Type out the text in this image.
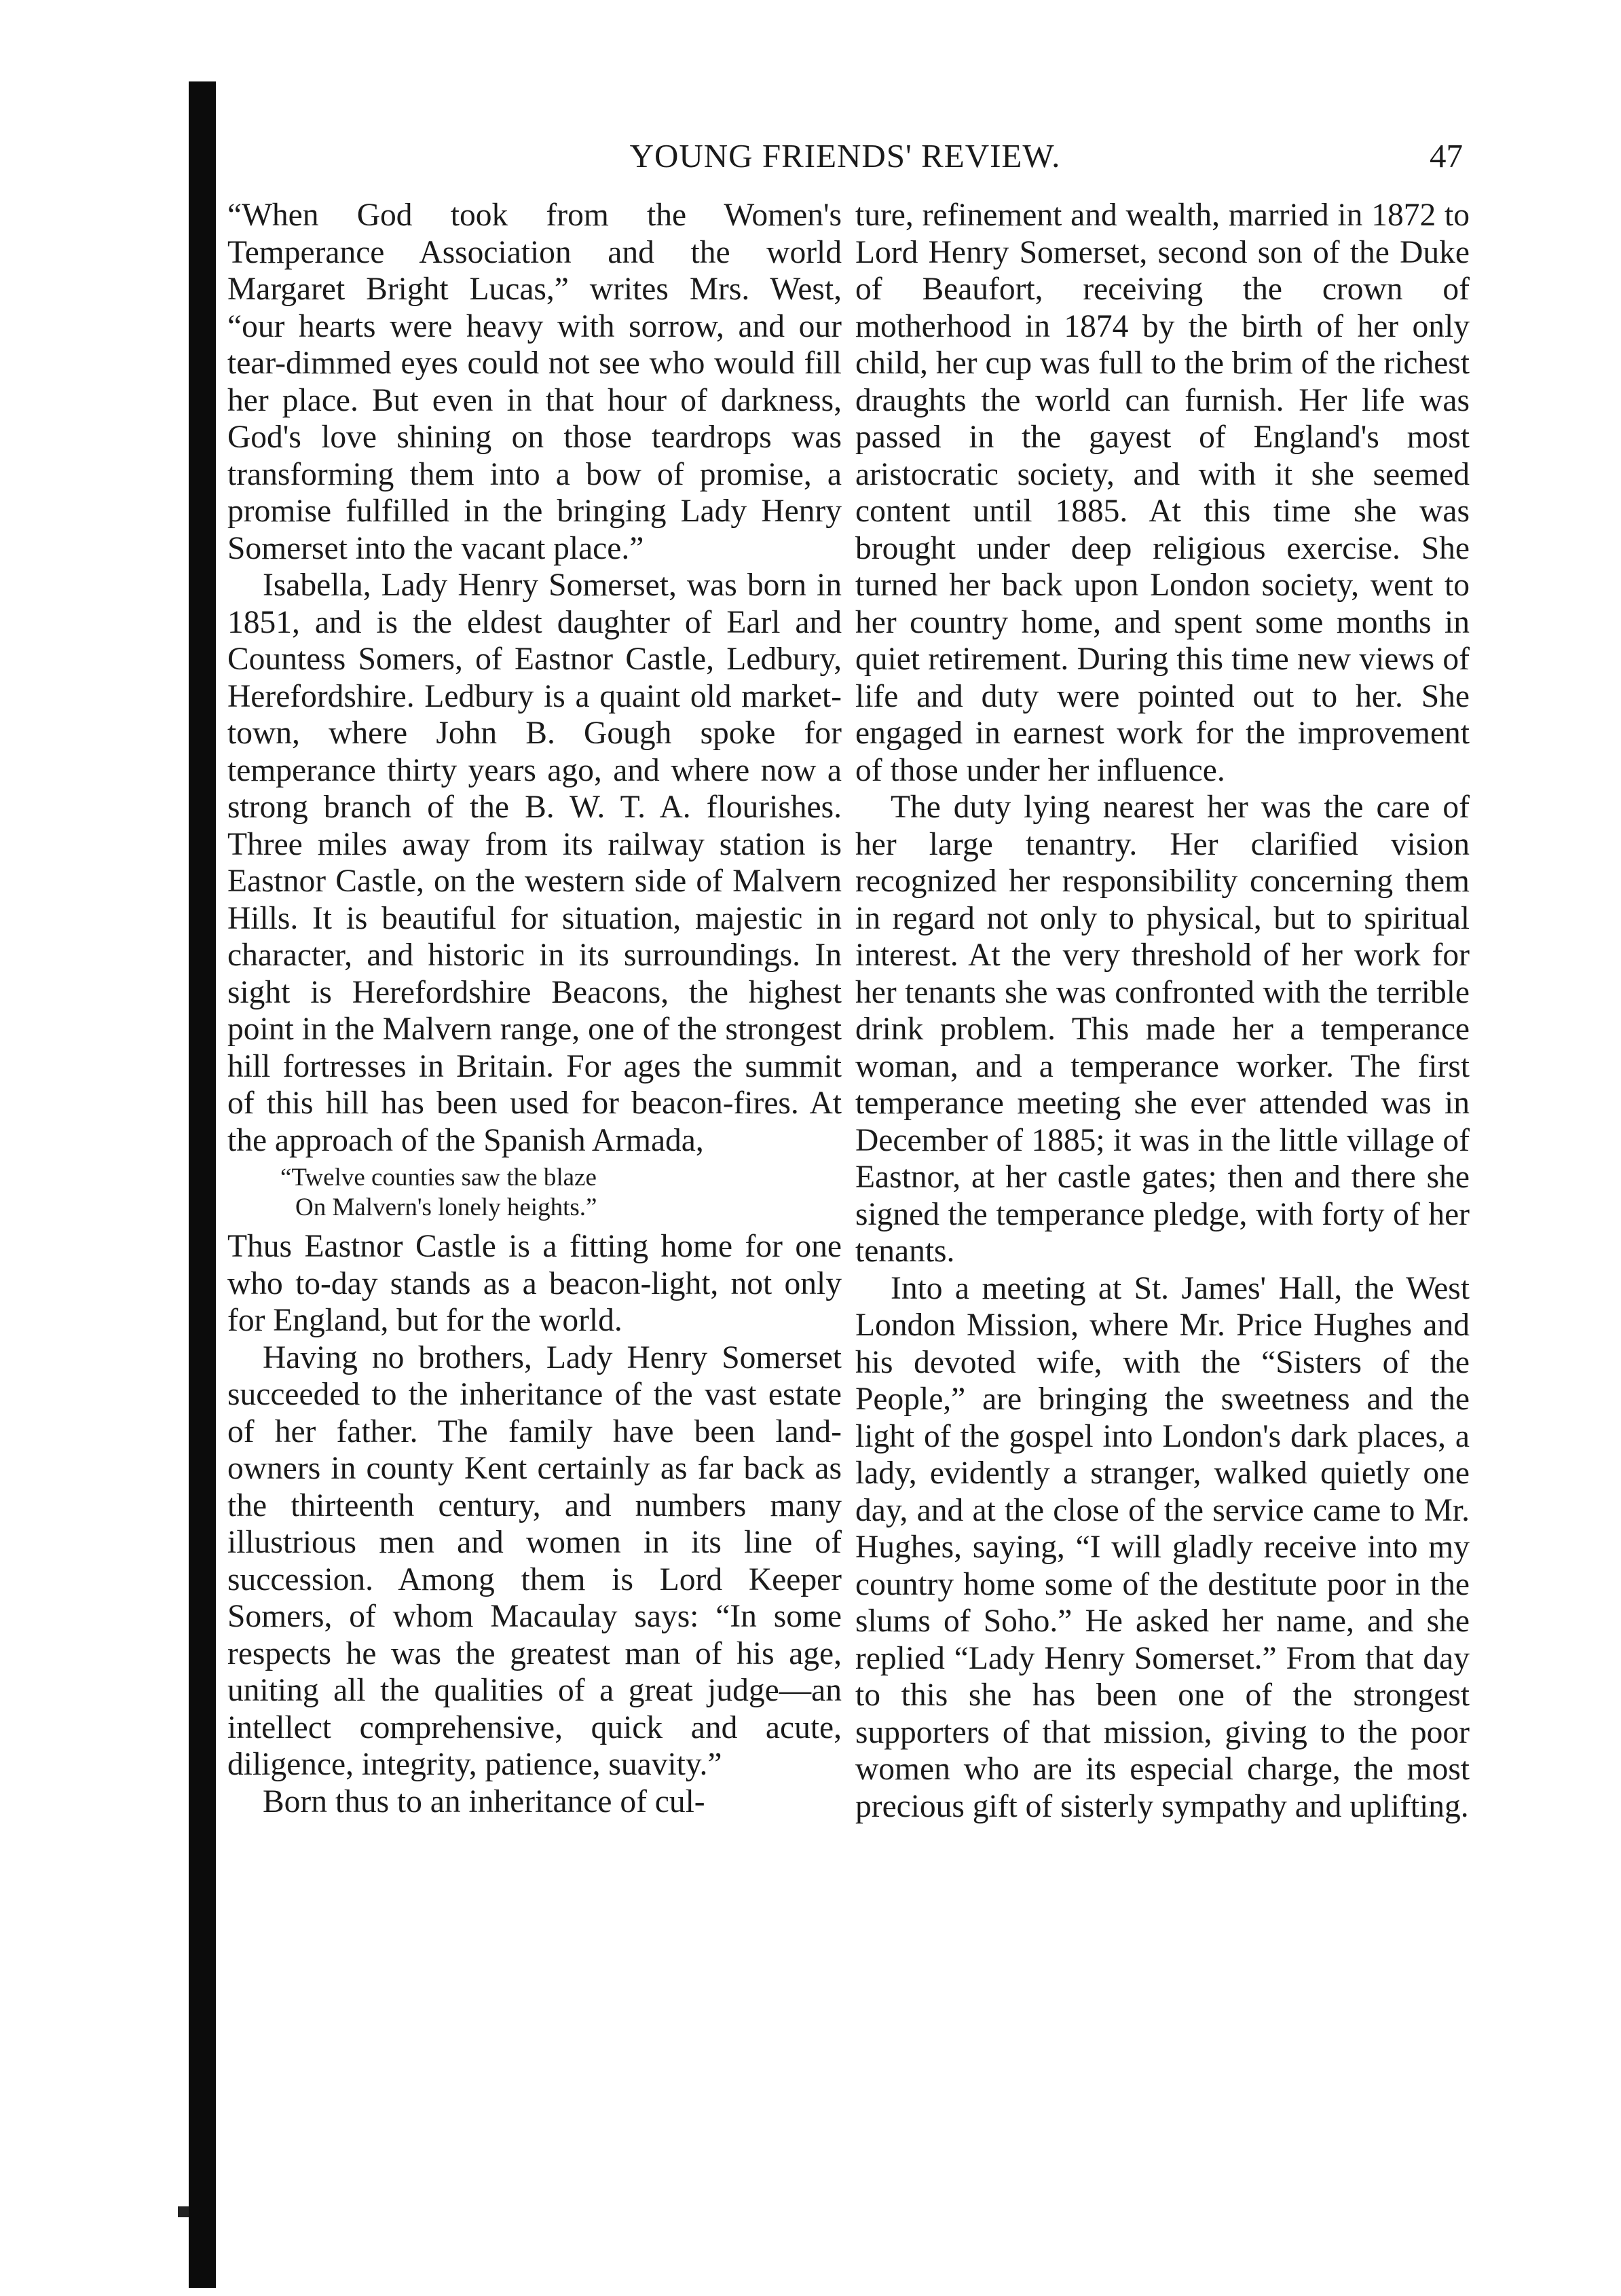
YOUNG FRIENDS' REVIEW.	47

“When God took from the Women's Temperance Association and the world Margaret Bright Lucas,” writes Mrs. West, “our hearts were heavy with sorrow, and our tear-dimmed eyes could not see who would fill her place. But even in that hour of darkness, God's love shining on those teardrops was transforming them into a bow of promise, a promise fulfilled in the bringing Lady Henry Somerset into the vacant place.”

Isabella, Lady Henry Somerset, was born in 1851, and is the eldest daughter of Earl and Countess Somers, of Eastnor Castle, Ledbury, Herefordshire. Ledbury is a quaint old market-town, where John B. Gough spoke for temperance thirty years ago, and where now a strong branch of the B. W. T. A. flourishes. Three miles away from its railway station is Eastnor Castle, on the western side of Malvern Hills. It is beautiful for situation, majestic in character, and historic in its surroundings. In sight is Herefordshire Beacons, the highest point in the Malvern range, one of the strongest hill fortresses in Britain. For ages the summit of this hill has been used for beacon-fires. At the approach of the Spanish Armada,

“Twelve counties saw the blaze
On Malvern's lonely heights.”

Thus Eastnor Castle is a fitting home for one who to-day stands as a beacon-light, not only for England, but for the world.

Having no brothers, Lady Henry Somerset succeeded to the inheritance of the vast estate of her father. The family have been land-owners in county Kent certainly as far back as the thirteenth century, and numbers many illustrious men and women in its line of succession. Among them is Lord Keeper Somers, of whom Macaulay says: “In some respects he was the greatest man of his age, uniting all the qualities of a great judge—an intellect comprehensive, quick and acute, diligence, integrity, patience, suavity.”

Born thus to an inheritance of cul-

ture, refinement and wealth, married in 1872 to Lord Henry Somerset, second son of the Duke of Beaufort, receiving the crown of motherhood in 1874 by the birth of her only child, her cup was full to the brim of the richest draughts the world can furnish. Her life was passed in the gayest of England's most aristocratic society, and with it she seemed content until 1885. At this time she was brought under deep religious exercise. She turned her back upon London society, went to her country home, and spent some months in quiet retirement. During this time new views of life and duty were pointed out to her. She engaged in earnest work for the improvement of those under her influence.

The duty lying nearest her was the care of her large tenantry. Her clarified vision recognized her responsibility concerning them in regard not only to physical, but to spiritual interest. At the very threshold of her work for her tenants she was confronted with the terrible drink problem. This made her a temperance woman, and a temperance worker. The first temperance meeting she ever attended was in December of 1885; it was in the little village of Eastnor, at her castle gates; then and there she signed the temperance pledge, with forty of her tenants.

Into a meeting at St. James' Hall, the West London Mission, where Mr. Price Hughes and his devoted wife, with the “Sisters of the People,” are bringing the sweetness and the light of the gospel into London's dark places, a lady, evidently a stranger, walked quietly one day, and at the close of the service came to Mr. Hughes, saying, “I will gladly receive into my country home some of the destitute poor in the slums of Soho.” He asked her name, and she replied “Lady Henry Somerset.” From that day to this she has been one of the strongest supporters of that mission, giving to the poor women who are its especial charge, the most precious gift of sisterly sympathy and uplifting.
